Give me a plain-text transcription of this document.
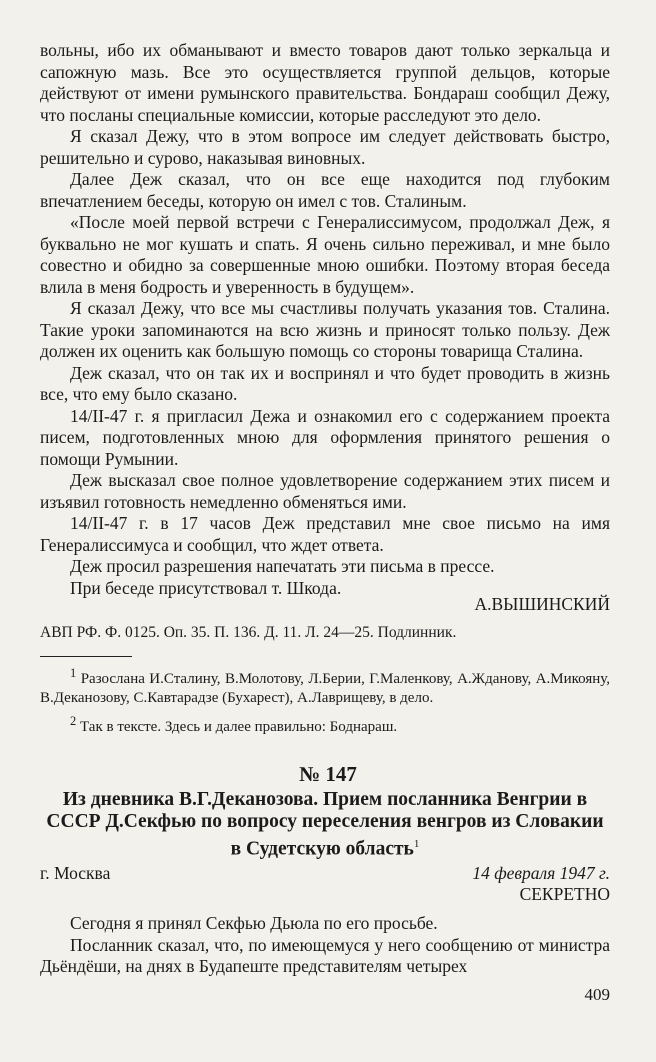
вольны, ибо их обманывают и вместо товаров дают только зеркальца и сапожную мазь. Все это осуществляется группой дельцов, которые действуют от имени румынского правительства. Бондараш сообщил Дежу, что посланы специальные комиссии, которые расследуют это дело.

Я сказал Дежу, что в этом вопросе им следует действовать быстро, решительно и сурово, наказывая виновных.

Далее Деж сказал, что он все еще находится под глубоким впечатлением беседы, которую он имел с тов. Сталиным.

«После моей первой встречи с Генералиссимусом, продолжал Деж, я буквально не мог кушать и спать. Я очень сильно переживал, и мне было совестно и обидно за совершенные мною ошибки. Поэтому вторая беседа влила в меня бодрость и уверенность в будущем».

Я сказал Дежу, что все мы счастливы получать указания тов. Сталина. Такие уроки запоминаются на всю жизнь и приносят только пользу. Деж должен их оценить как большую помощь со стороны товарища Сталина.

Деж сказал, что он так их и воспринял и что будет проводить в жизнь все, что ему было сказано.

14/II-47 г. я пригласил Дежа и ознакомил его с содержанием проекта писем, подготовленных мною для оформления принятого решения о помощи Румынии.

Деж высказал свое полное удовлетворение содержанием этих писем и изъявил готовность немедленно обменяться ими.

14/II-47 г. в 17 часов Деж представил мне свое письмо на имя Генералиссимуса и сообщил, что ждет ответа.

Деж просил разрешения напечатать эти письма в прессе.

При беседе присутствовал т. Шкода.

А.ВЫШИНСКИЙ
АВП РФ. Ф. 0125. Оп. 35. П. 136. Д. 11. Л. 24—25. Подлинник.

$^1$ Разослана И.Сталину, В.Молотову, Л.Берии, Г.Маленкову, А.Жданову, А.Микояну, В.Деканозову, С.Кавтарадзе (Бухарест), А.Лаврищеву, в дело.

$^2$ Так в тексте. Здесь и далее правильно: Боднараш.

№ 147

Из дневника В.Г.Деканозова. Прием посланника Венгрии в СССР Д.Секфью по вопросу переселения венгров из Словакии в Судетскую область$^1$

г. Москва	14 февраля 1947 г.
СЕКРЕТНО

Сегодня я принял Секфью Дьюла по его просьбе.

Посланник сказал, что, по имеющемуся у него сообщению от министра Дьёндёши, на днях в Будапеште представителям четырех

409
